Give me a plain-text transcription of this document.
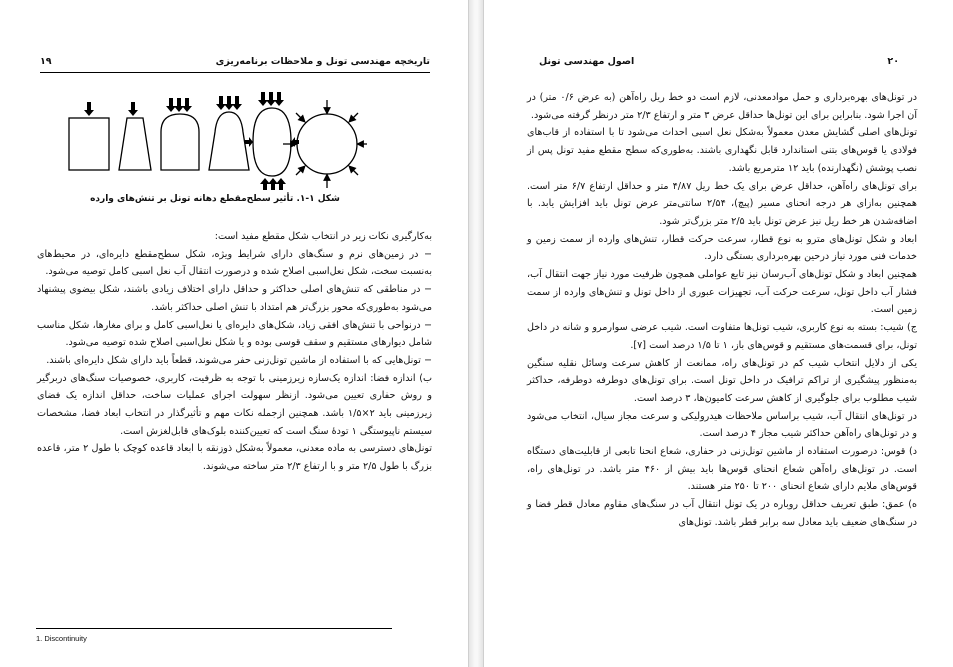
۱۹	تاریخچه مهندسی تونل و ملاحظات برنامه‌ریزی
شکل ۱-۱. تأثیر سطح‌مقطع دهانه تونل بر تنش‌های وارده

به‌کارگیری نکات زیر در انتخاب شکل مقطع مفید است:

− در زمین‌های نرم و سنگ‌های دارای شرایط ویژه، شکل سطح‌مقطع دایره‌ای، در محیط‌های به‌نسبت سخت، شکل نعل‌اسبی اصلاح شده و درصورت انتقال آب نعل اسبی کامل توصیه می‌شود.

− در مناطقی که تنش‌های اصلی حداکثر و حداقل دارای اختلاف زیادی باشند، شکل بیضوی پیشنهاد می‌شود به‌طوری‌که محور بزرگ‌تر هم امتداد با تنش اصلی حداکثر باشد.

− درنواحی با تنش‌های افقی زیاد، شکل‌های دایره‌ای یا نعل‌اسبی کامل و برای مغارها، شکل مناسب شامل دیوارهای مستقیم و سقف قوسی بوده و یا شکل نعل‌اسبی اصلاح شده توصیه می‌شود.

− تونل‌هایی که با استفاده از ماشین تونل‌زنی حفر می‌شوند، قطعاً باید دارای شکل دایره‌ای باشند.

ب) اندازه فضا: اندازه یک‌سازه زیرزمینی با توجه به ظرفیت، کاربری، خصوصیات سنگ‌های دربرگیر و روش حفاری تعیین می‌شود. ازنظر سهولت اجرای عملیات ساخت، حداقل اندازه یک فضای زیرزمینی باید ۲×۱/۵ باشد. همچنین ازجمله نکات مهم و تأثیرگذار در انتخاب ابعاد فضا، مشخصات سیستم ناپیوستگی ۱ تودهٔ سنگ است که تعیین‌کننده بلوک‌های قابل‌لغزش است.

تونل‌های دسترسی به ماده معدنی، معمولاً به‌شکل ذوزنقه با ابعاد قاعده کوچک با طول ۲ متر، قاعده بزرگ با طول ۲/۵ متر و با ارتفاع ۲/۳ متر ساخته می‌شوند.

1. Discontinuity
اصول مهندسی تونل	۲۰

در تونل‌های بهره‌برداری و حمل موادمعدنی، لازم است دو خط ریل راه‌آهن (به عرض ۰/۶ متر) در آن اجرا شود. بنابراین برای این تونل‌ها حداقل عرض ۳ متر و ارتفاع ۲/۳ متر درنظر گرفته می‌شود.

تونل‌های اصلی گشایش معدن معمولاً به‌شکل نعل اسبی احداث می‌شود تا با استفاده از قاب‌های فولادی یا قوس‌های بتنی استاندارد قابل نگهداری باشند. به‌طوری‌که سطح مقطع مفید تونل پس از نصب پوشش (نگهدارنده) باید ۱۲ مترمربع باشد.

برای تونل‌های راه‌آهن، حداقل عرض برای یک خط ریل ۴/۸۷ متر و حداقل ارتفاع ۶/۷ متر است. همچنین به‌ازای هر درجه انحنای مسیر (پیچ)، ۲/۵۴ سانتی‌متر عرض تونل باید افزایش یابد. با اضافه‌شدن هر خط ریل نیز عرض تونل باید ۲/۵ متر بزرگ‌تر شود.

ابعاد و شکل تونل‌های مترو به نوع قطار، سرعت حرکت قطار، تنش‌های وارده از سمت زمین و خدمات فنی مورد نیاز درحین بهره‌برداری بستگی دارد.

همچنین ابعاد و شکل تونل‌های آب‌رسان نیز تابع عواملی همچون ظرفیت مورد نیاز جهت انتقال آب، فشار آب داخل تونل، سرعت حرکت آب، تجهیزات عبوری از داخل تونل و تنش‌های وارده از سمت زمین است.

ج) شیب: بسته به نوع کاربری، شیب تونل‌ها متفاوت است. شیب عرضی سوارمرو و شانه در داخل تونل، برای قسمت‌های مستقیم و قوس‌های باز، ۱ تا ۱/۵ درصد است [۷].

یکی از دلایل انتخاب شیب کم در تونل‌های راه، ممانعت از کاهش سرعت وسائل نقلیه سنگین به‌منظور پیشگیری از تراکم ترافیک در داخل تونل است. برای تونل‌های دوطرفه دوطرفه، حداکثر شیب مطلوب برای جلوگیری از کاهش سرعت کامیون‌ها، ۳ درصد است.

در تونل‌های انتقال آب، شیب براساس ملاحظات هیدرولیکی و سرعت مجاز سیال، انتخاب می‌شود و در تونل‌های راه‌آهن حداکثر شیب مجاز ۴ درصد است.

د) قوس: درصورت استفاده از ماشین تونل‌زنی در حفاری، شعاع انحنا تابعی از قابلیت‌های دستگاه است. در تونل‌های راه‌آهن شعاع انحنای قوس‌ها باید بیش از ۴۶۰ متر باشد. در تونل‌های راه، قوس‌های ملایم دارای شعاع انحنای ۲۰۰ تا ۲۵۰ متر هستند.

ه) عمق: طبق تعریف حداقل روباره در یک تونل انتقال آب در سنگ‌های مقاوم معادل قطر فضا و در سنگ‌های ضعیف باید معادل سه برابر قطر باشد. تونل‌های
